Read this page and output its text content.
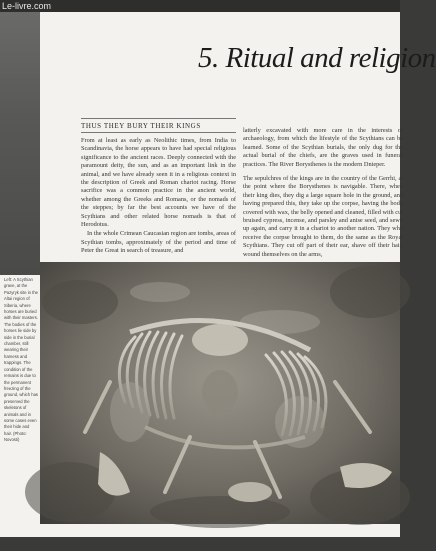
Le-livre.com
5. Ritual and religion
THUS THEY BURY THEIR KINGS

From at least as early as Neolithic times, from India to Scandinavia, the horse appears to have had special religious significance to the ancient races. Deeply connected with the paramount deity, the sun, and as an important link in the animal, and we have already seen it in a religious context in the description of Greek and Roman chariot racing. Horse sacrifice was a common practice in the ancient world, whether among the Greeks and Romans, or the nomads of the steppes; by far the best accounts we have of the Scythians and other related horse nomads is that of Herodotus.

In the whole Crimean Caucasian region are tombs, areas of Scythian tombs, approximately of the period and time of Peter the Great in search of treasure, and

latterly excavated with more care in the interests of archaeology, from which the lifestyle of the Scythians can be learned. Some of the Scythian burials, the only dug for the actual burial of the chiefs, are the graves used in funeral practices. The River Borysthenes is the modern Dnieper.

The sepulchres of the kings are in the country of the Gerrhi, at the point where the Borysthenes is navigable. There, when their king dies, they dig a large square hole in the ground, and having prepared this, they take up the corpse, having the body covered with wax, the belly opened and cleaned, filled with cut bruised cypress, incense, and parsley and anise seed, and sewn up again, and carry it in a chariot to another nation. They who receive the corpse brought to them, do the same as the Royal Scythians. They cut off part of their ear, shave off their hair, wound themselves on the arms,

Left: A Scythian grave, at the Pazyryk site in the Altai region of Siberia, where horses are buried with their masters. The bodies of the horses lie side by side in the burial chamber, still wearing their harness and trappings. The condition of the remains is due to the permanent freezing of the ground, which has preserved the skeletons of animals and in some cases even their hide and hair. (Photo: Novosti)
